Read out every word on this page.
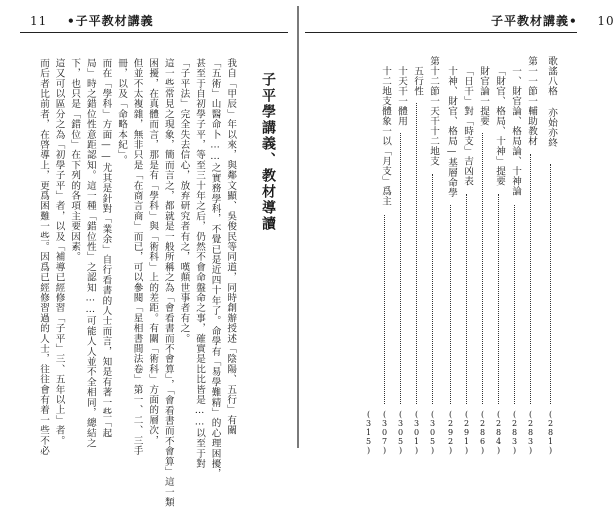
11 •子平教材講義
我自「甲辰」年以來，與鄰文顯、吳俊民等同道，同時創辦授述「陰陽、五行」有關
「五術」山醫命卜……之實務學科，不覺已是近四十年了。命學有「易學難精」的心理困擾，
甚至于自初學子平，等至三十年之后，仍然不會命盤命之事，確實是比比皆是……以至于對
「子平法」完全失去信心，放弃研究者有之，嘆顛世事者有之。
這一些常見之現象，簡而言之，都就是一般所稱之為「會看書而不會算」，「會看書而不會算」這一類
困擾，在真體而言，那是有「學科」與「術科」上的差距。有關「術科」方面的層次，
但並不太複雜，無非只是「在商言商」而已，可以參閱「星相書間法卷」第一、二、三手
冊，以及「命略本紀」。
而在「學科」方面——尤其是針對「業余」自行看書的人士而言，知是有著一些「起
局」時之錯位性意距認知。這一種「錯位性」之認知……可能人人並不全相同，總結之
下，也只是「錯位」在下列的各項主要因素。
這又可以區分之為「初學子平」者，以及「補導已經修習「子平」三、五年以上」者。
而后者比前者，在啓導上，更爲困難一些。因爲已經修習過的人士，往往會有着一些不必	子平學講義、教材導讀
子平教材講義• 10
歌謠八格 亦始亦終
(281)
第一一節一輔助教材
(283)
一、財官論、格局論、十神論
(283)
「財官、格局、十神」提要
(284)
財官論一提要
(286)
「日干」對「時支」吉凶表
(291)
十神、財官、格局—基層命學
(292)
第十二節一天干十二地支
(305)
五行性
(301)
十天干一體用
(305)
十二地支體象一以「月支」爲主
(307)
(315)
